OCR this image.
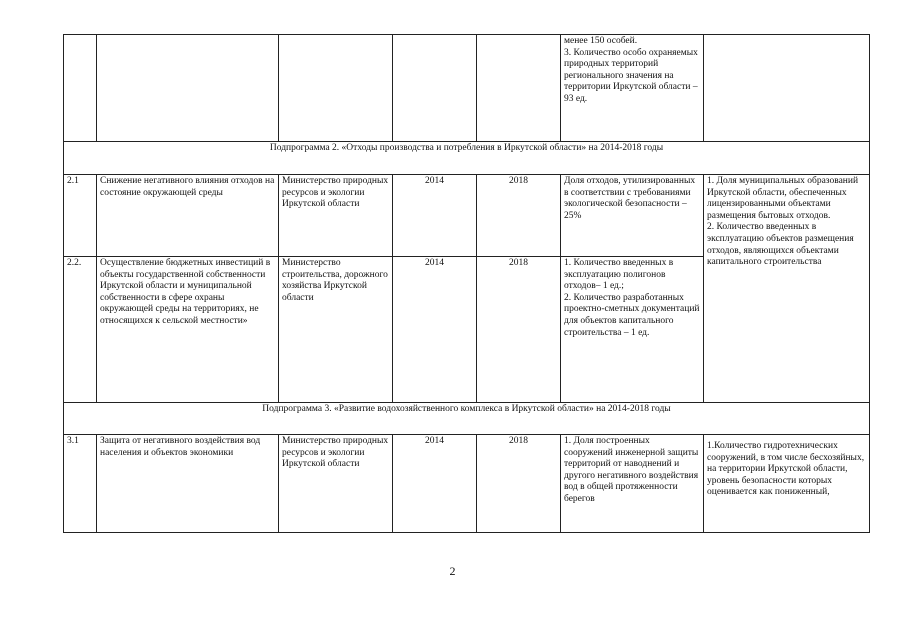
					менее 150 особей.
3. Количество особо охраняемых природных территорий регионального значения на территории Иркутской области – 93 ед.	
Подпрограмма 2. «Отходы производства и потребления в Иркутской области» на 2014-2018 годы						
2.1	Снижение негативного влияния отходов на состояние окружающей среды	Министерство природных ресурсов и экологии Иркутской области	2014	2018	Доля отходов, утилизированных в соответствии с требованиями экологической безопасности – 25%	1. Доля муниципальных образований Иркутской области, обеспеченных лицензированными объектами размещения бытовых отходов.
2. Количество введенных в эксплуатацию объектов размещения отходов, являющихся объектами капитального строительства
2.2.	Осуществление бюджетных инвестиций в объекты государственной собственности Иркутской области и муниципальной собственности в сфере охраны окружающей среды на территориях, не относящихся к сельской местности»	Министерство строительства, дорожного хозяйства Иркутской области	2014	2018	1. Количество введенных в эксплуатацию полигонов отходов– 1 ед.;
2. Количество разработанных проектно-сметных документаций для объектов капитального строительства – 1 ед.	
Подпрограмма 3. «Развитие водохозяйственного комплекса в Иркутской области» на 2014-2018 годы						
3.1	Защита от негативного воздействия вод населения и объектов экономики	Министерство природных ресурсов и экологии Иркутской области	2014	2018	1. Доля построенных сооружений инженерной защиты территорий от наводнений и другого негативного воздействия вод в общей протяженности берегов	1.Количество гидротехнических сооружений, в том числе бесхозяйных, на территории Иркутской области, уровень безопасности которых оценивается как пониженный,
2
